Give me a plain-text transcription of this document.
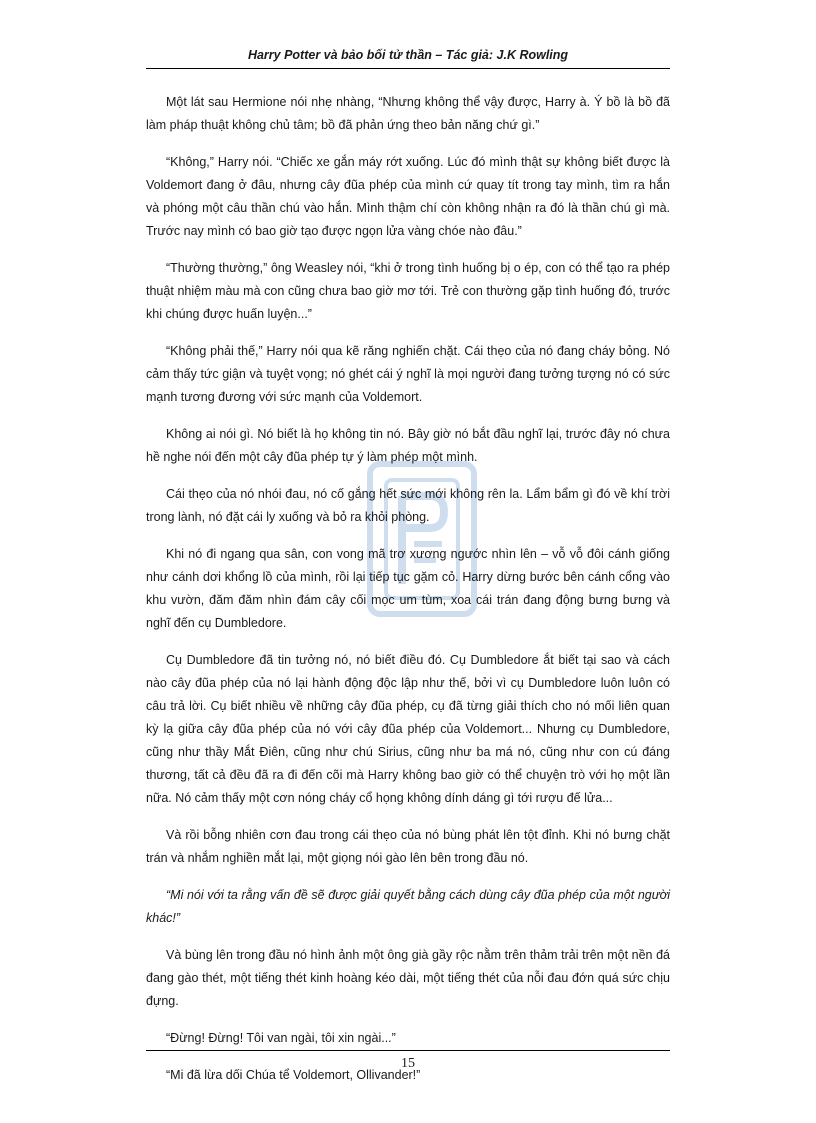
Harry Potter và bảo bối tử thần – Tác giả: J.K Rowling

Một lát sau Hermione nói nhẹ nhàng, “Nhưng không thể vậy được, Harry à. Ý bồ là bồ đã làm pháp thuật không chủ tâm; bồ đã phản ứng theo bản năng chứ gì.”

“Không,” Harry nói. “Chiếc xe gắn máy rớt xuống. Lúc đó mình thật sự không biết được là Voldemort đang ở đâu, nhưng cây đũa phép của mình cứ quay tít trong tay mình, tìm ra hắn và phóng một câu thần chú vào hắn. Mình thậm chí còn không nhận ra đó là thần chú gì mà. Trước nay mình có bao giờ tạo được ngọn lửa vàng chóe nào đâu.”

“Thường thường,” ông Weasley nói, “khi ở trong tình huống bị o ép, con có thể tạo ra phép thuật nhiệm màu mà con cũng chưa bao giờ mơ tới. Trẻ con thường gặp tình huống đó, trước khi chúng được huấn luyện...”

“Không phải thế,” Harry nói qua kẽ răng nghiến chặt. Cái thẹo của nó đang cháy bỏng. Nó cảm thấy tức giận và tuyệt vọng; nó ghét cái ý nghĩ là mọi người đang tưởng tượng nó có sức mạnh tương đương với sức mạnh của Voldemort.

Không ai nói gì. Nó biết là họ không tin nó. Bây giờ nó bắt đầu nghĩ lại, trước đây nó chưa hề nghe nói đến một cây đũa phép tự ý làm phép một mình.

Cái thẹo của nó nhói đau, nó cố gắng hết sức mới không rên la. Lẩm bẩm gì đó về khí trời trong lành, nó đặt cái ly xuống và bỏ ra khỏi phòng.

Khi nó đi ngang qua sân, con vong mã trơ xương ngước nhìn lên – vỗ vỗ đôi cánh giống như cánh dơi khổng lồ của mình, rồi lại tiếp tục gặm cỏ. Harry dừng bước bên cánh cổng vào khu vườn, đăm đăm nhìn đám cây cối mọc um tùm, xoa cái trán đang động bưng bưng và nghĩ đến cụ Dumbledore.

Cụ Dumbledore đã tin tưởng nó, nó biết điều đó. Cụ Dumbledore ắt biết tại sao và cách nào cây đũa phép của nó lại hành động độc lập như thế, bởi vì cụ Dumbledore luôn luôn có câu trả lời. Cụ biết nhiều về những cây đũa phép, cụ đã từng giải thích cho nó mối liên quan kỳ lạ giữa cây đũa phép của nó với cây đũa phép của Voldemort... Nhưng cụ Dumbledore, cũng như thầy Mắt Điên, cũng như chú Sirius, cũng như ba má nó, cũng như con cú đáng thương, tất cả đều đã ra đi đến cõi mà Harry không bao giờ có thể chuyện trò với họ một lần nữa. Nó cảm thấy một cơn nóng cháy cổ họng không dính dáng gì tới rượu đế lửa...

Và rồi bỗng nhiên cơn đau trong cái thẹo của nó bùng phát lên tột đỉnh. Khi nó bưng chặt trán và nhắm nghiền mắt lại, một giọng nói gào lên bên trong đầu nó.

“Mi nói với ta rằng vấn đề sẽ được giải quyết bằng cách dùng cây đũa phép của một người khác!”

Và bùng lên trong đầu nó hình ảnh một ông già gầy rộc nằm trên thảm trải trên một nền đá đang gào thét, một tiếng thét kinh hoàng kéo dài, một tiếng thét của nỗi đau đớn quá sức chịu đựng.

“Đừng! Đừng! Tôi van ngài, tôi xin ngài...”

“Mi đã lừa dối Chúa tể Voldemort, Ollivander!”

15
